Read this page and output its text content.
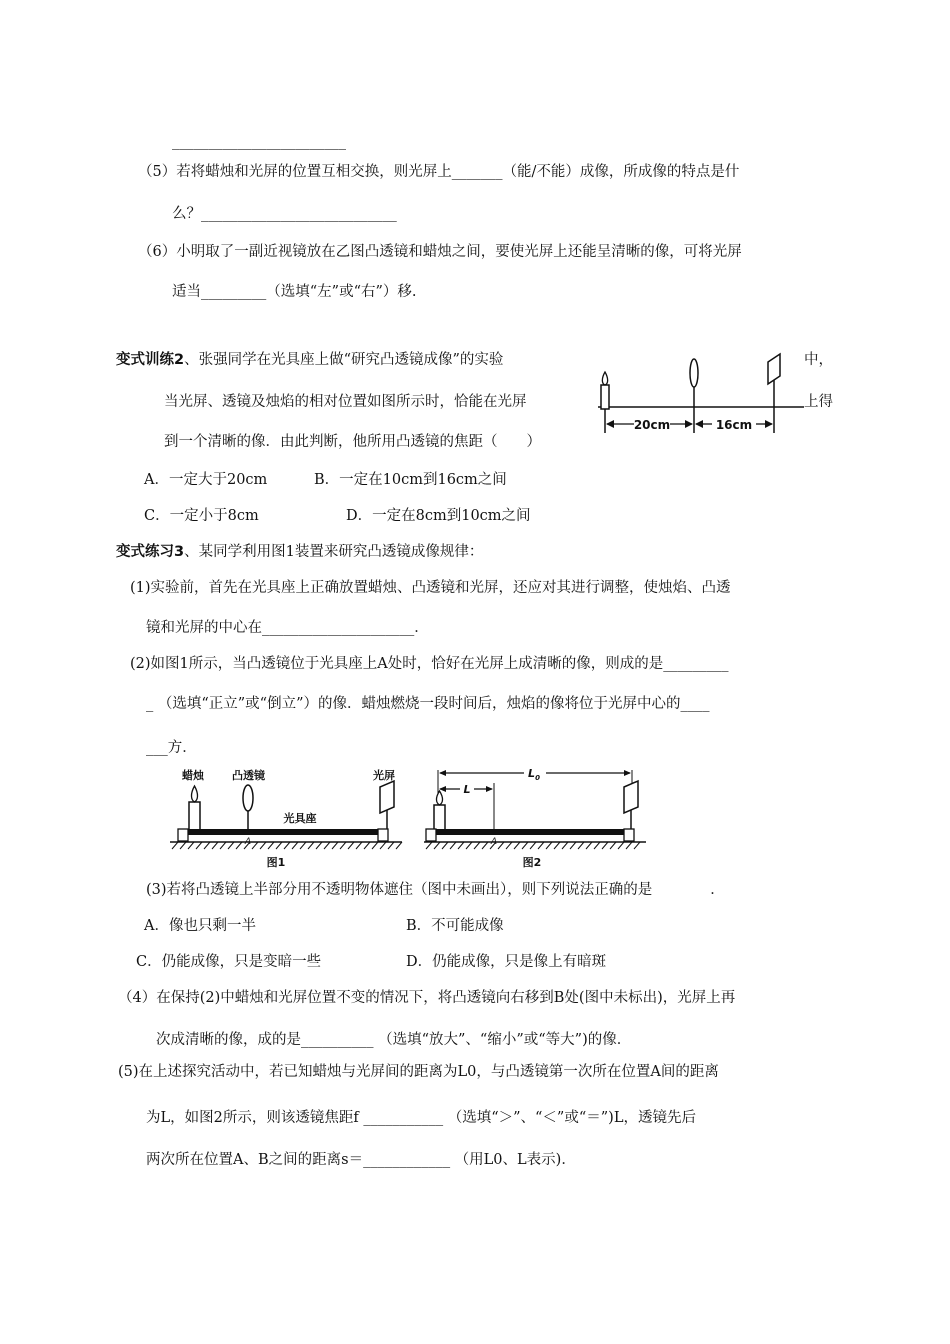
________________________
（5）若将蜡烛和光屏的位置互相交换，则光屏上_______（能/不能）成像，所成像的特点是什
么？___________________________
（6）小明取了一副近视镜放在乙图凸透镜和蜡烛之间，要使光屏上还能呈清晰的像，可将光屏
适当_________（选填“左”或“右”）移.
变式训练2、张强同学在光具座上做“研究凸透镜成像”的实验	中，
当光屏、透镜及烛焰的相对位置如图所示时，恰能在光屏	上得
到一个清晰的像．由此判断，他所用凸透镜的焦距（　　）
20cm	16cm
A．一定大于20cm	B．一定在10cm到16cm之间
C．一定小于8cm	D．一定在8cm到10cm之间
变式练习3、某同学利用图1装置来研究凸透镜成像规律：
(1)实验前，首先在光具座上正确放置蜡烛、凸透镜和光屏，还应对其进行调整，使烛焰、凸透
镜和光屏的中心在_____________________．
(2)如图1所示，当凸透镜位于光具座上A处时，恰好在光屏上成清晰的像，则成的是_________
_ （选填“正立”或“倒立”）的像．蜡烛燃烧一段时间后，烛焰的像将位于光屏中心的____
___方．
蜡烛	凸透镜	光屏
光具座
A
图1
$L_0$
L
A
图2
(3)若将凸透镜上半部分用不透明物体遮住（图中未画出），则下列说法正确的是　　　　．
A．像也只剩一半	B．不可能成像
C．仍能成像，只是变暗一些	D．仍能成像，只是像上有暗斑
（4）在保持(2)中蜡烛和光屏位置不变的情况下，将凸透镜向右移到B处(图中未标出)，光屏上再
次成清晰的像，成的是__________ （选填“放大”、“缩小”或“等大”)的像．
(5)在上述探究活动中，若已知蜡烛与光屏间的距离为L0，与凸透镜第一次所在位置A间的距离
为L，如图2所示，则该透镜焦距f ___________ （选填“＞”、“＜”或“＝”)L，透镜先后
两次所在位置A、B之间的距离s＝____________ （用L0、L表示)．
